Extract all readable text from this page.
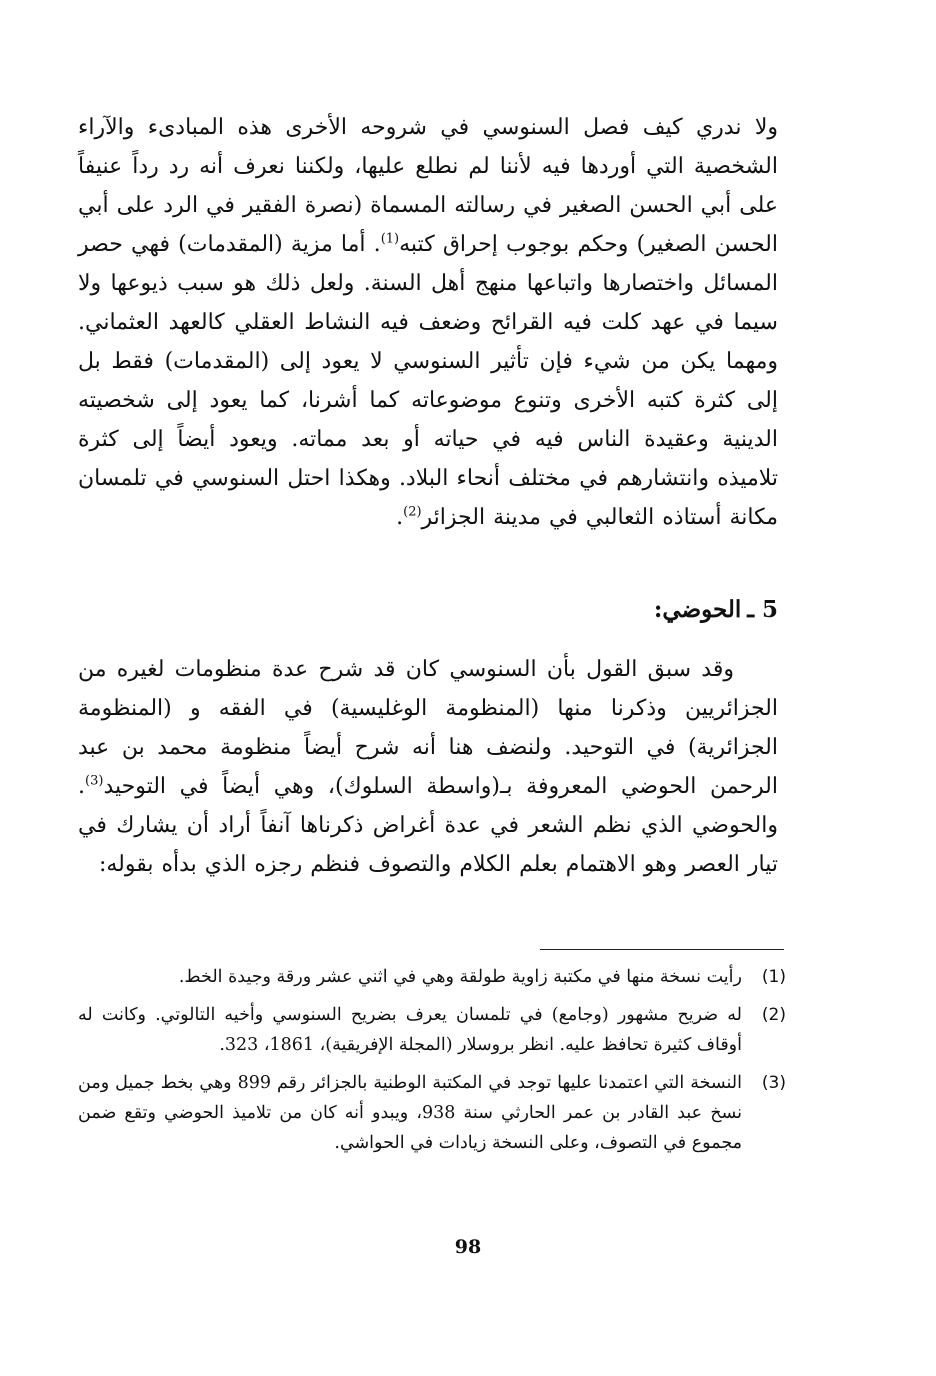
ولا ندري كيف فصل السنوسي في شروحه الأخرى هذه المبادىء والآراء الشخصية التي أوردها فيه لأننا لم نطلع عليها، ولكننا نعرف أنه رد رداً عنيفاً على أبي الحسن الصغير في رسالته المسماة (نصرة الفقير في الرد على أبي الحسن الصغير) وحكم بوجوب إحراق كتبه$^{(1)}$. أما مزية (المقدمات) فهي حصر المسائل واختصارها واتباعها منهج أهل السنة. ولعل ذلك هو سبب ذيوعها ولا سيما في عهد كلت فيه القرائح وضعف فيه النشاط العقلي كالعهد العثماني. ومهما يكن من شيء فإن تأثير السنوسي لا يعود إلى (المقدمات) فقط بل إلى كثرة كتبه الأخرى وتنوع موضوعاته كما أشرنا، كما يعود إلى شخصيته الدينية وعقيدة الناس فيه في حياته أو بعد مماته. ويعود أيضاً إلى كثرة تلاميذه وانتشارهم في مختلف أنحاء البلاد. وهكذا احتل السنوسي في تلمسان مكانة أستاذه الثعالبي في مدينة الجزائر$^{(2)}$.

5 ـالحوضي:

وقد سبق القول بأن السنوسي كان قد شرح عدة منظومات لغيره من الجزائريين وذكرنا منها (المنظومة الوغليسية) في الفقه و (المنظومة الجزائرية) في التوحيد. ولنضف هنا أنه شرح أيضاً منظومة محمد بن عبد الرحمن الحوضي المعروفة بـ(واسطة السلوك)، وهي أيضاً في التوحيد$^{(3)}$. والحوضي الذي نظم الشعر في عدة أغراض ذكرناها آنفاً أراد أن يشارك في تيار العصر وهو الاهتمام بعلم الكلام والتصوف فنظم رجزه الذي بدأه بقوله:

(1)
رأيت نسخة منها في مكتبة زاوية طولقة وهي في اثني عشر ورقة وجيدة الخط.
(2)
له ضريح مشهور (وجامع) في تلمسان يعرف بضريح السنوسي وأخيه التالوتي. وكانت له أوقاف كثيرة تحافظ عليه. انظر بروسلار (المجلة الإفريقية)، 1861، 323.
(3)
النسخة التي اعتمدنا عليها توجد في المكتبة الوطنية بالجزائر رقم 899 وهي بخط جميل ومن نسخ عبد القادر بن عمر الحارثي سنة 938، ويبدو أنه كان من تلاميذ الحوضي وتقع ضمن مجموع في التصوف، وعلى النسخة زيادات في الحواشي.
98
